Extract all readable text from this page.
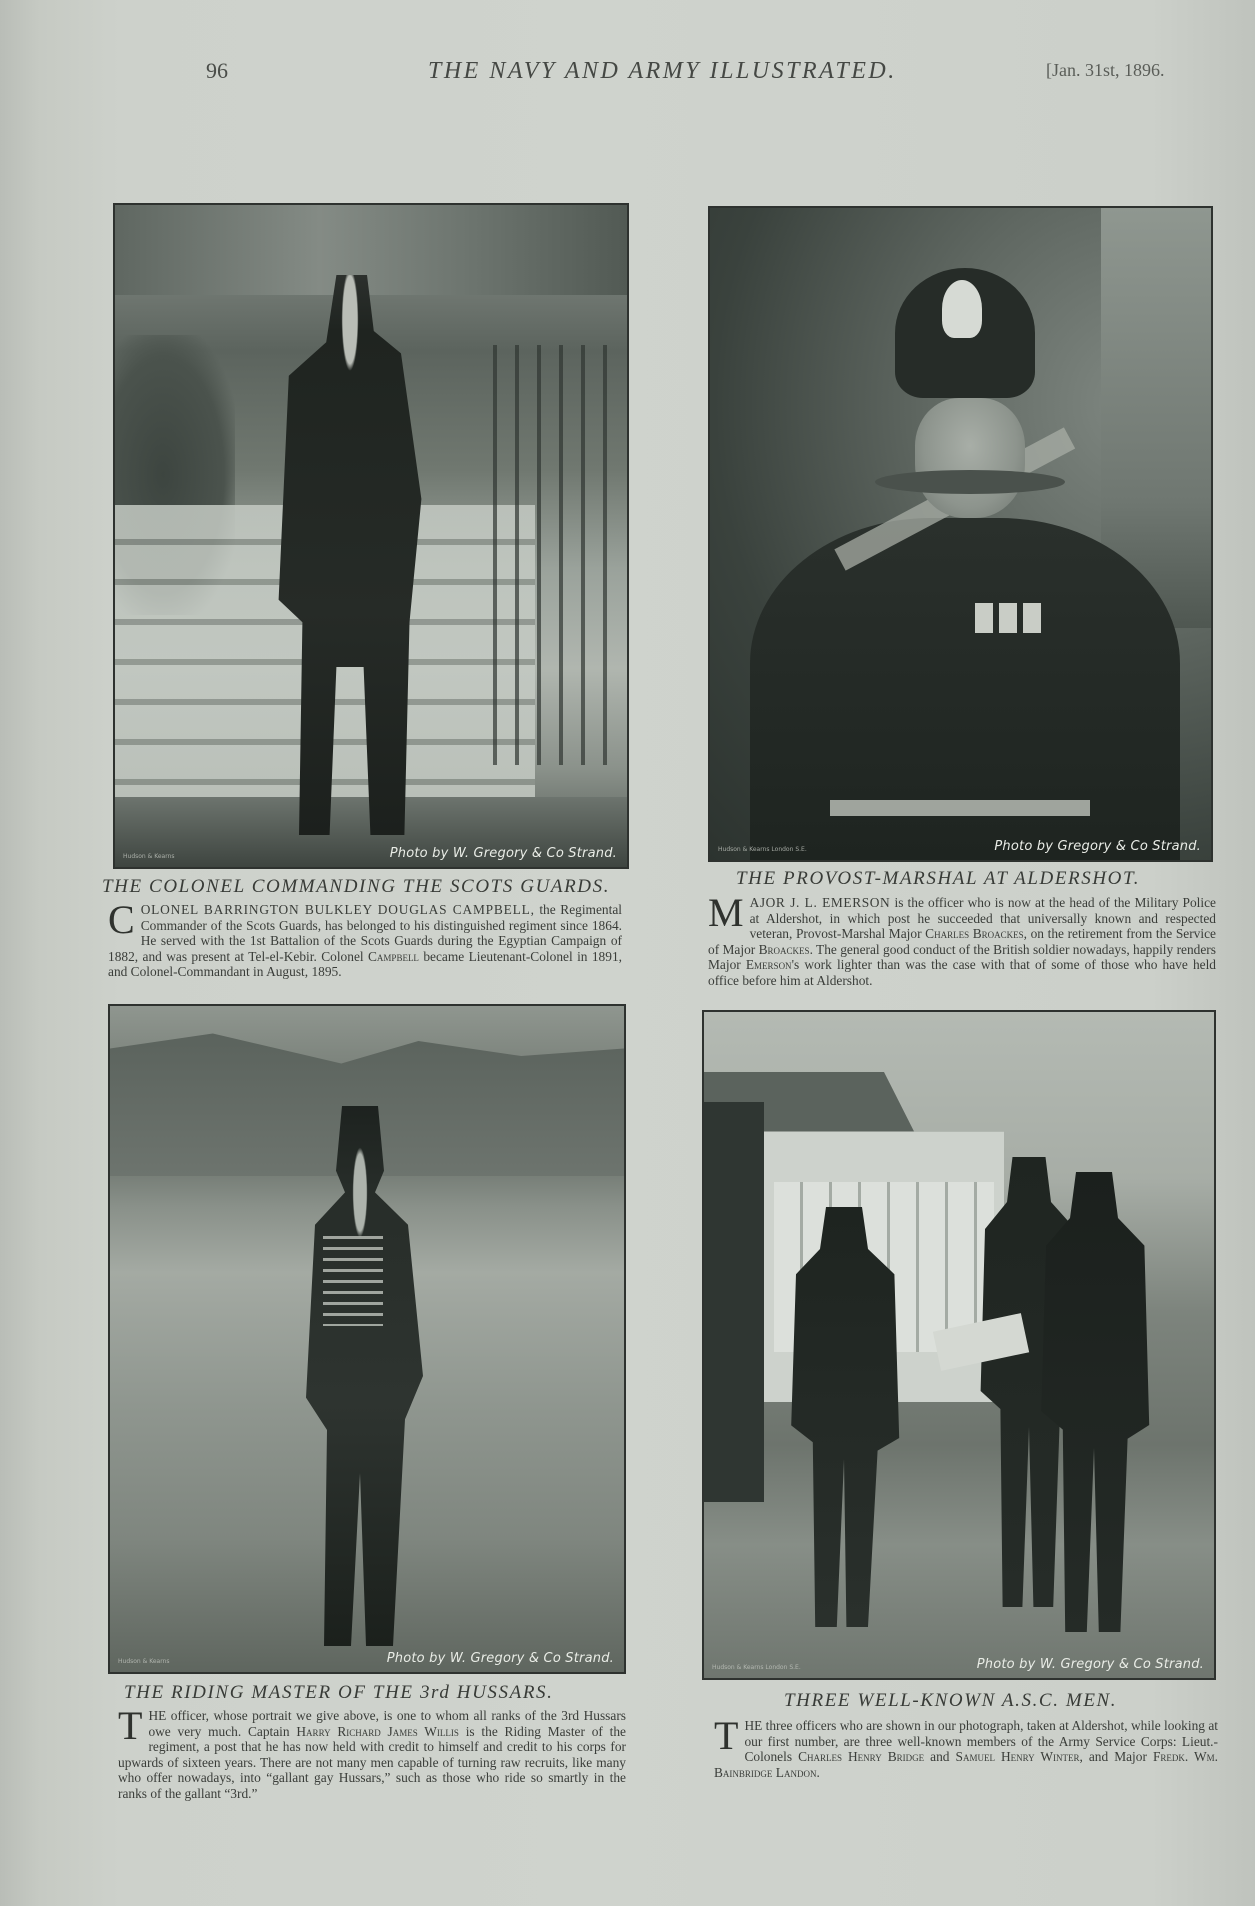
96	THE NAVY AND ARMY ILLUSTRATED.	[Jan. 31st, 1896.
Hudson & Kearns	Photo by W. Gregory & Co Strand.
THE COLONEL COMMANDING THE SCOTS GUARDS.
COLONEL BARRINGTON BULKLEY DOUGLAS CAMPBELL, the Regimental Commander of the Scots Guards, has belonged to his distinguished regiment since 1864. He served with the 1st Battalion of the Scots Guards during the Egyptian Campaign of 1882, and was present at Tel-el-Kebir. Colonel Campbell became Lieutenant-Colonel in 1891, and Colonel-Commandant in August, 1895.
Hudson & Kearns London S.E.	Photo by Gregory & Co Strand.
THE PROVOST-MARSHAL AT ALDERSHOT.
MAJOR J. L. EMERSON is the officer who is now at the head of the Military Police at Aldershot, in which post he succeeded that universally known and respected veteran, Provost-Marshal Major Charles Broackes, on the retirement from the Service of Major Broackes. The general good conduct of the British soldier nowadays, happily renders Major Emerson's work lighter than was the case with that of some of those who have held office before him at Aldershot.
Hudson & Kearns	Photo by W. Gregory & Co Strand.
THE RIDING MASTER OF THE 3rd HUSSARS.
THE officer, whose portrait we give above, is one to whom all ranks of the 3rd Hussars owe very much. Captain Harry Richard James Willis is the Riding Master of the regiment, a post that he has now held with credit to himself and credit to his corps for upwards of sixteen years. There are not many men capable of turning raw recruits, like many who offer nowadays, into “gallant gay Hussars,” such as those who ride so smartly in the ranks of the gallant “3rd.”
Hudson & Kearns London S.E.	Photo by W. Gregory & Co Strand.
THREE WELL-KNOWN A.S.C. MEN.
THE three officers who are shown in our photograph, taken at Aldershot, while looking at our first number, are three well-known members of the Army Service Corps: Lieut.-Colonels Charles Henry Bridge and Samuel Henry Winter, and Major Fredk. Wm. Bainbridge Landon.
